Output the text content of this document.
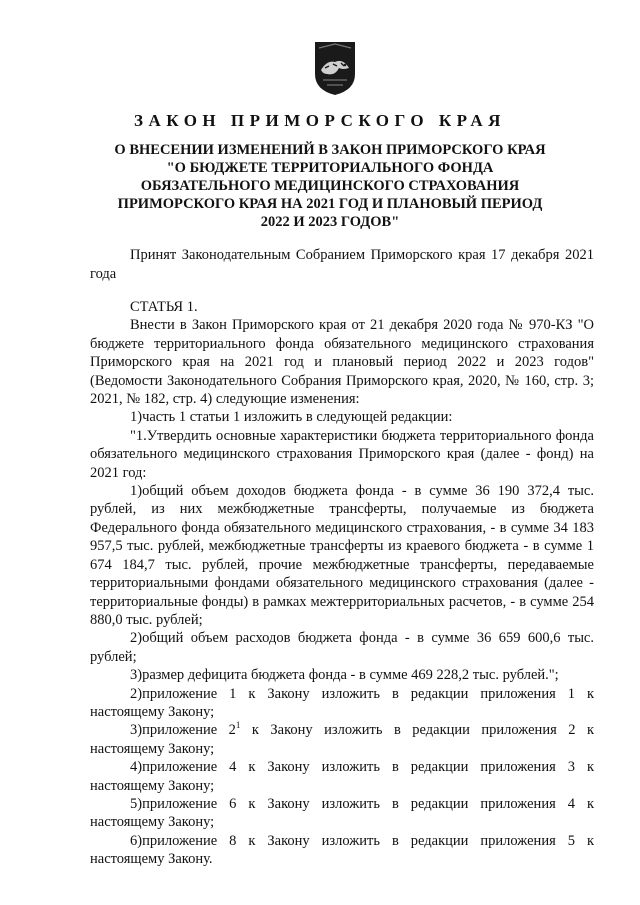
ЗАКОН ПРИМОРСКОГО КРАЯ
О ВНЕСЕНИИ ИЗМЕНЕНИЙ В ЗАКОН ПРИМОРСКОГО КРАЯ
"О БЮДЖЕТЕ ТЕРРИТОРИАЛЬНОГО ФОНДА
ОБЯЗАТЕЛЬНОГО МЕДИЦИНСКОГО СТРАХОВАНИЯ
ПРИМОРСКОГО КРАЯ НА 2021 ГОД И ПЛАНОВЫЙ ПЕРИОД
2022 И 2023 ГОДОВ"
Принят Законодательным Собранием Приморского края 17 декабря 2021 года

СТАТЬЯ 1.

Внести в Закон Приморского края от 21 декабря 2020 года № 970-КЗ "О бюджете территориального фонда обязательного медицинского страхования Приморского края на 2021 год и плановый период 2022 и 2023 годов" (Ведомости Законодательного Собрания Приморского края, 2020, № 160, стр. 3; 2021, № 182, стр. 4) следующие изменения:

1)часть 1 статьи 1 изложить в следующей редакции:

"1.Утвердить основные характеристики бюджета территориального фонда обязательного медицинского страхования Приморского края (далее - фонд) на 2021 год:

1)общий объем доходов бюджета фонда - в сумме 36 190 372,4 тыс. рублей, из них межбюджетные трансферты, получаемые из бюджета Федерального фонда обязательного медицинского страхования, - в сумме 34 183 957,5 тыс. рублей, межбюджетные трансферты из краевого бюджета - в сумме 1 674 184,7 тыс. рублей, прочие межбюджетные трансферты, передаваемые территориальными фондами обязательного медицинского страхования (далее - территориальные фонды) в рамках межтерриториальных расчетов, - в сумме 254 880,0 тыс. рублей;

2)общий объем расходов бюджета фонда - в сумме 36 659 600,6 тыс. рублей;

3)размер дефицита бюджета фонда - в сумме 469 228,2 тыс. рублей.";

2)приложение 1 к Закону изложить в редакции приложения 1 к настоящему Закону;

3)приложение $2^1$ к Закону изложить в редакции приложения 2 к настоящему Закону;

4)приложение 4 к Закону изложить в редакции приложения 3 к настоящему Закону;

5)приложение 6 к Закону изложить в редакции приложения 4 к настоящему Закону;

6)приложение 8 к Закону изложить в редакции приложения 5 к настоящему Закону.
